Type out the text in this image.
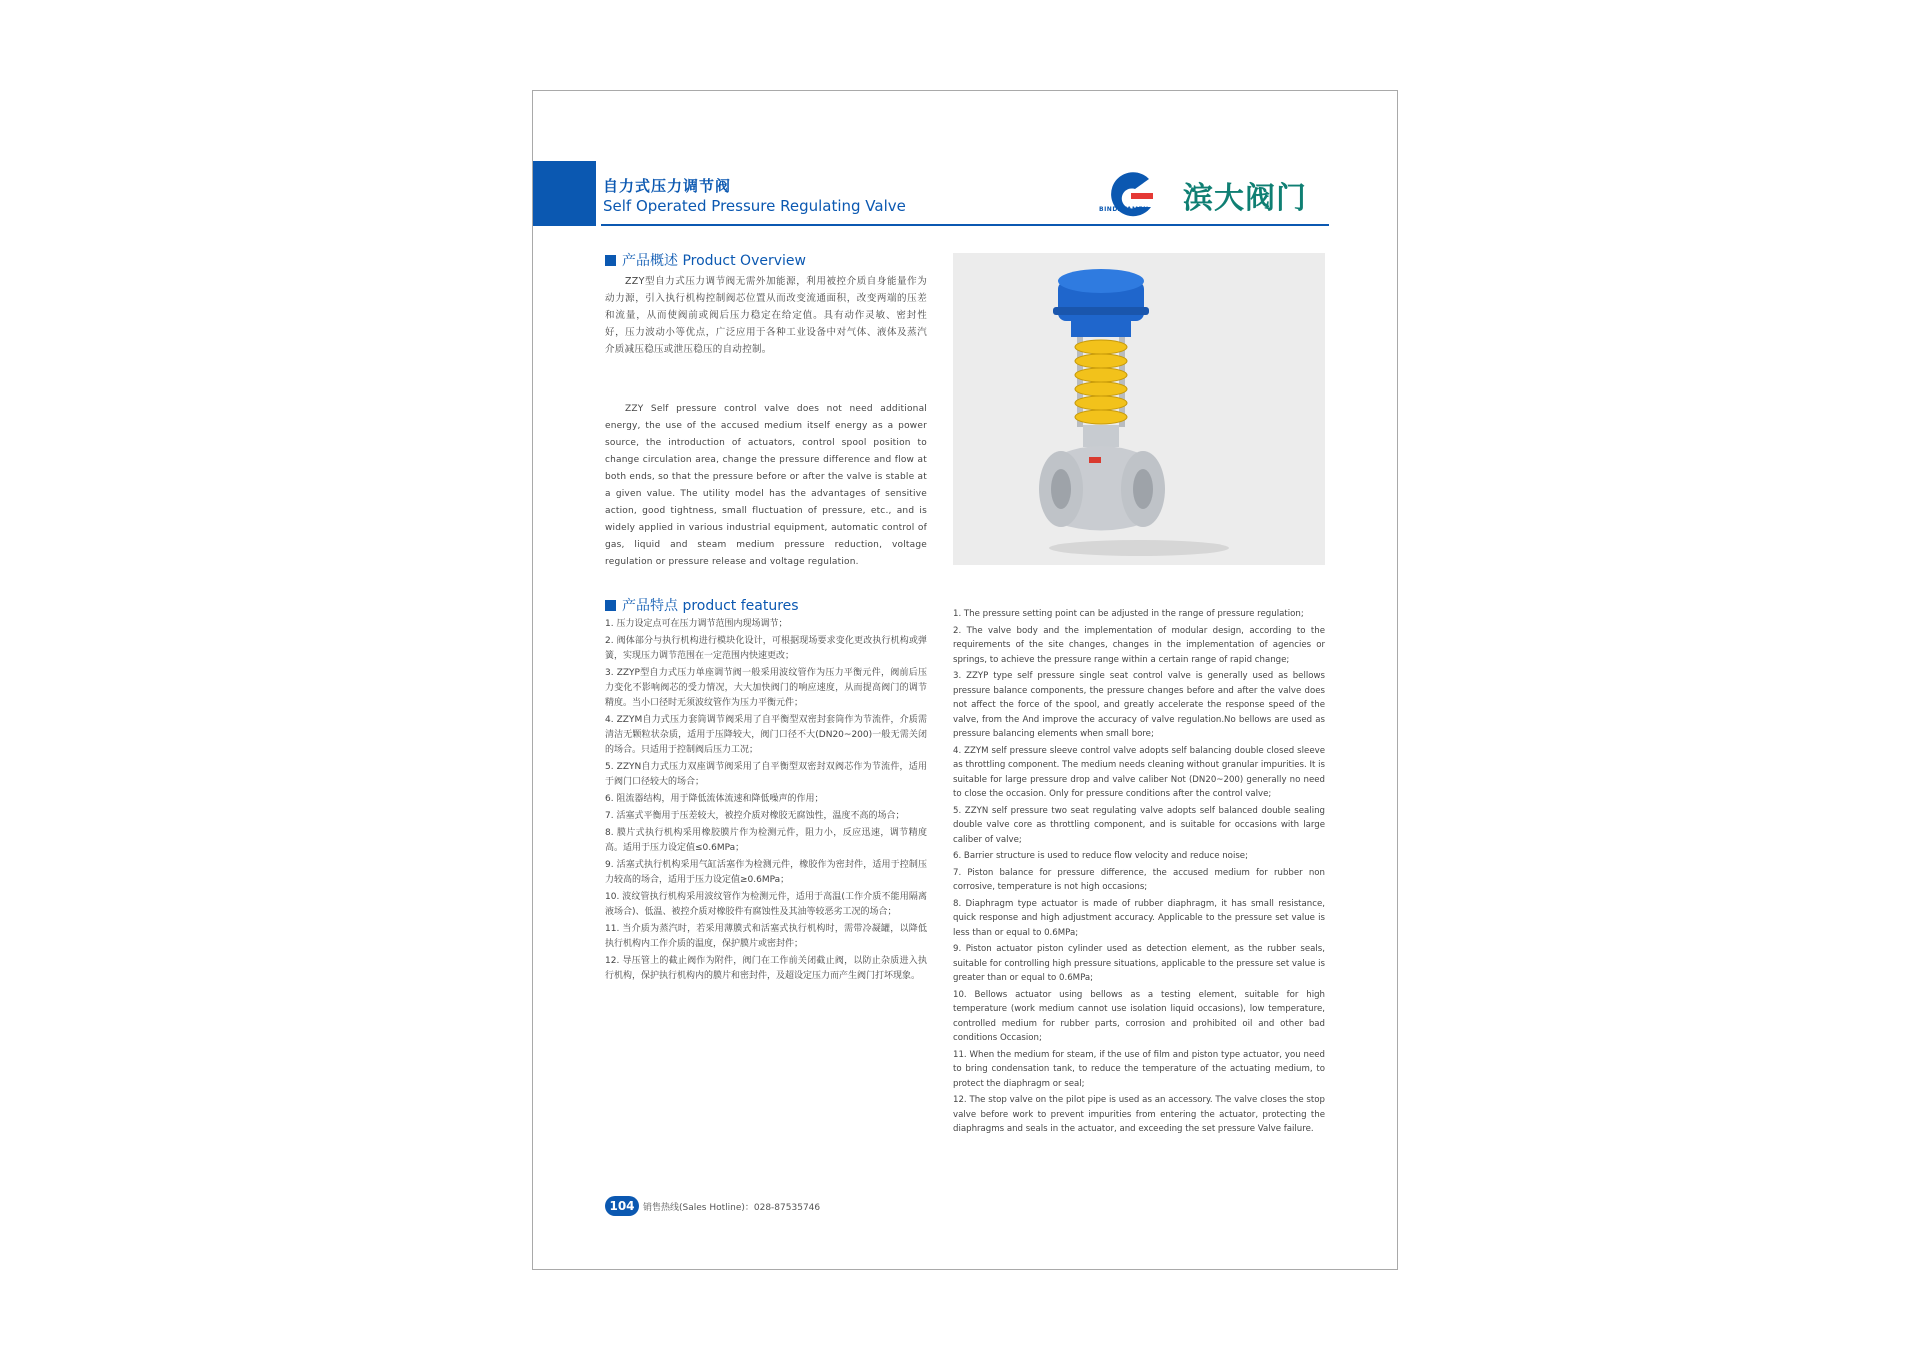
自力式压力调节阀
Self Operated Pressure Regulating Valve	BINDAFAMEN 滨大阀门
产品概述 Product Overview
ZZY型自力式压力调节阀无需外加能源，利用被控介质自身能量作为动力源，引入执行机构控制阀芯位置从而改变流通面积，改变两端的压差和流量，从而使阀前或阀后压力稳定在给定值。具有动作灵敏、密封性好，压力波动小等优点，广泛应用于各种工业设备中对气体、液体及蒸汽介质减压稳压或泄压稳压的自动控制。
ZZY Self pressure control valve does not need additional energy, the use of the accused medium itself energy as a power source, the introduction of actuators, control spool position to change circulation area, change the pressure difference and flow at both ends, so that the pressure before or after the valve is stable at a given value. The utility model has the advantages of sensitive action, good tightness, small fluctuation of pressure, etc., and is widely applied in various industrial equipment, automatic control of gas, liquid and steam medium pressure reduction, voltage regulation or pressure release and voltage regulation.
产品特点 product features
1. 压力设定点可在压力调节范围内现场调节；
2. 阀体部分与执行机构进行模块化设计，可根据现场要求变化更改执行机构或弹簧，实现压力调节范围在一定范围内快速更改；
3. ZZYP型自力式压力单座调节阀一般采用波纹管作为压力平衡元件，阀前后压力变化不影响阀芯的受力情况，大大加快阀门的响应速度，从而提高阀门的调节精度。当小口径时无须波纹管作为压力平衡元件；
4. ZZYM自力式压力套筒调节阀采用了自平衡型双密封套筒作为节流件，介质需清洁无颗粒状杂质，适用于压降较大，阀门口径不大(DN20~200)一般无需关闭的场合。只适用于控制阀后压力工况；
5. ZZYN自力式压力双座调节阀采用了自平衡型双密封双阀芯作为节流件，适用于阀门口径较大的场合；
6. 阻流器结构，用于降低流体流速和降低噪声的作用；
7. 活塞式平衡用于压差较大，被控介质对橡胶无腐蚀性，温度不高的场合；
8. 膜片式执行机构采用橡胶膜片作为检测元件，阻力小，反应迅速，调节精度高。适用于压力设定值≤0.6MPa；
9. 活塞式执行机构采用气缸活塞作为检测元件，橡胶作为密封件，适用于控制压力较高的场合，适用于压力设定值≥0.6MPa；
10. 波纹管执行机构采用波纹管作为检测元件，适用于高温(工作介质不能用隔离液场合)、低温、被控介质对橡胶件有腐蚀性及其油等较恶劣工况的场合；
11. 当介质为蒸汽时，若采用薄膜式和活塞式执行机构时，需带冷凝罐，以降低执行机构内工作介质的温度，保护膜片或密封件；
12. 导压管上的截止阀作为附件，阀门在工作前关闭截止阀，以防止杂质进入执行机构，保护执行机构内的膜片和密封件，及超设定压力而产生阀门打坏现象。
1. The pressure setting point can be adjusted in the range of pressure regulation;
2. The valve body and the implementation of modular design, according to the requirements of the site changes, changes in the implementation of agencies or springs, to achieve the pressure range within a certain range of rapid change;
3. ZZYP type self pressure single seat control valve is generally used as bellows pressure balance components, the pressure changes before and after the valve does not affect the force of the spool, and greatly accelerate the response speed of the valve, from the And improve the accuracy of valve regulation.No bellows are used as pressure balancing elements when small bore;
4. ZZYM self pressure sleeve control valve adopts self balancing double closed sleeve as throttling component. The medium needs cleaning without granular impurities. It is suitable for large pressure drop and valve caliber Not (DN20~200) generally no need to close the occasion. Only for pressure conditions after the control valve;
5. ZZYN self pressure two seat regulating valve adopts self balanced double sealing double valve core as throttling component, and is suitable for occasions with large caliber of valve;
6. Barrier structure is used to reduce flow velocity and reduce noise;
7. Piston balance for pressure difference, the accused medium for rubber non corrosive, temperature is not high occasions;
8. Diaphragm type actuator is made of rubber diaphragm, it has small resistance, quick response and high adjustment accuracy. Applicable to the pressure set value is less than or equal to 0.6MPa;
9. Piston actuator piston cylinder used as detection element, as the rubber seals, suitable for controlling high pressure situations, applicable to the pressure set value is greater than or equal to 0.6MPa;
10. Bellows actuator using bellows as a testing element, suitable for high temperature (work medium cannot use isolation liquid occasions), low temperature, controlled medium for rubber parts, corrosion and prohibited oil and other bad conditions Occasion;
11. When the medium for steam, if the use of film and piston type actuator, you need to bring condensation tank, to reduce the temperature of the actuating medium, to protect the diaphragm or seal;
12. The stop valve on the pilot pipe is used as an accessory. The valve closes the stop valve before work to prevent impurities from entering the actuator, protecting the diaphragms and seals in the actuator, and exceeding the set pressure Valve failure.
104 销售热线(Sales Hotline)：028-87535746
